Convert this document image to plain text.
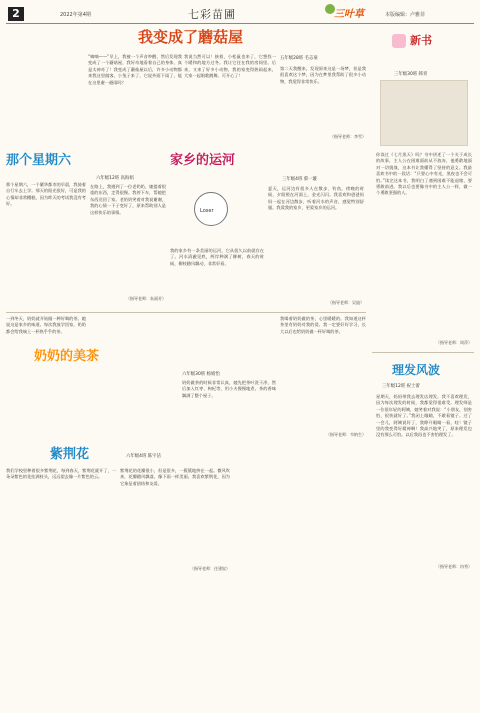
2	2022年第4期	七彩苗圃	三叶草	本版编辑：卢雅菲
我变成了蘑菇屋
“嘀嘀——”早上，我被一个声音吵醒，然后发现我变成了一个蘑菇屋，我好奇地看着自己的身体，真是太神奇了！我变成了蘑菇屋以后，许多小动物都来我这里做客，小兔子来了，它说外面下雨了，能在这里避一避雨吗？
我说当然可以！接着，小松鼠也来了，它想找一个暖和的地方过冬。我让它住在我的房间里。后来，又来了好多小动物，我的家变得热闹起来，大家一起唱歌跳舞，可开心了！
五年级28班 毛志豪
第二天我醒来，发现原来这是一场梦，但是我很喜欢这个梦，因为在梦里我帮助了很多小动物，我觉得非常快乐。
（指导老师：李雪）
新书
三年级30班 韩青
你读过《七月黑天》吗？书中讲述了一个关于成长的故事，主人公在困难面前从不放弃，他勇敢地面对一切挑战，这本书让我懂得了坚持的意义。我最喜欢书中的一段话：“只要心中有光，黑夜也不会可怕。”读完这本书，我明白了遇到困难不能退缩，要勇敢前进。我以后也要像书中的主人公一样，做一个勇敢坚强的人。
（指导老师：周萍）
那个星期六
六年级12班 高海娟
那个星期六，一个繁华都市的早晨，我骑着自行车去上学。那天的阳光很好，可是我的心情却非常糟糕，因为昨天的考试我没有考好。
在路上，我遇到了一位老奶奶，她提着很重的东西，走得很慢。我停下车，帮她把东西送回了家。老奶奶笑着对我说谢谢，我的心情一下子变好了，原来帮助别人是这样快乐的事情。
（指导老师：朱丽芳）
家乡的运河
三年级4班 蔡一璇
Loser
我的家乡有一条美丽的运河，它从很久以前就存在了。河水清澈见底，两岸种满了柳树，春天的时候，柳枝随风飘动，非常好看。
夏天，运河边有很多人在散步、钓鱼。傍晚的时候，夕阳照在河面上，金光闪闪。我喜欢和爸爸妈妈一起在河边散步，听着河水的声音，感觉特别舒服。我爱我的家乡，更爱家乡的运河。
（指导老师：吴迪）
一到冬天，奶奶就开始做一种好喝的茶。她说这是家乡的味道。每次我放学回家，奶奶都会给我端上一杯热乎乎的茶。
奶奶的美茶
六年级30班 杨娟怡
奶奶做茶的时候非常认真，她先把茶叶洗干净，然后加入红枣、枸杞等，用小火慢慢地煮。茶的香味飘满了整个屋子。
我喝着奶奶做的茶，心里暖暖的。我知道这杯茶里有奶奶对我的爱。我一定要好好学习，长大以后也给奶奶做一杯好喝的茶。
（指导老师：韦纳生）
紫荆花	六年级4班 陈宇洁
我们学校里种着很多紫荆花，每到春天，紫荆花就开了，一朵朵紫色的花挂满枝头，远远望去像一片紫色的云。
紫荆花的花瓣很小，但是很多，一簇簇地挤在一起。微风吹来，花瓣随风飘落，像下雨一样美丽。我喜欢紫荆花，因为它象征着团结和友爱。
（指导老师：任建奴）
理发风波
三年级12班 祝士蕾
星期天，妈妈带我去理发店理发。我不喜欢理发，因为每次理发的时候，我都觉得很难受。理发师是一位很年轻的阿姨，她笑着对我说：“小朋友，别害怕，很快就好了。”我闭上眼睛，不敢看镜子。过了一会儿，阿姨说好了，我睁开眼睛一看，哇！镜子里的我变得好精神啊！我高兴地笑了，原来理发也没有那么可怕。以后我再也不害怕理发了。
（指导老师：冉秀）
